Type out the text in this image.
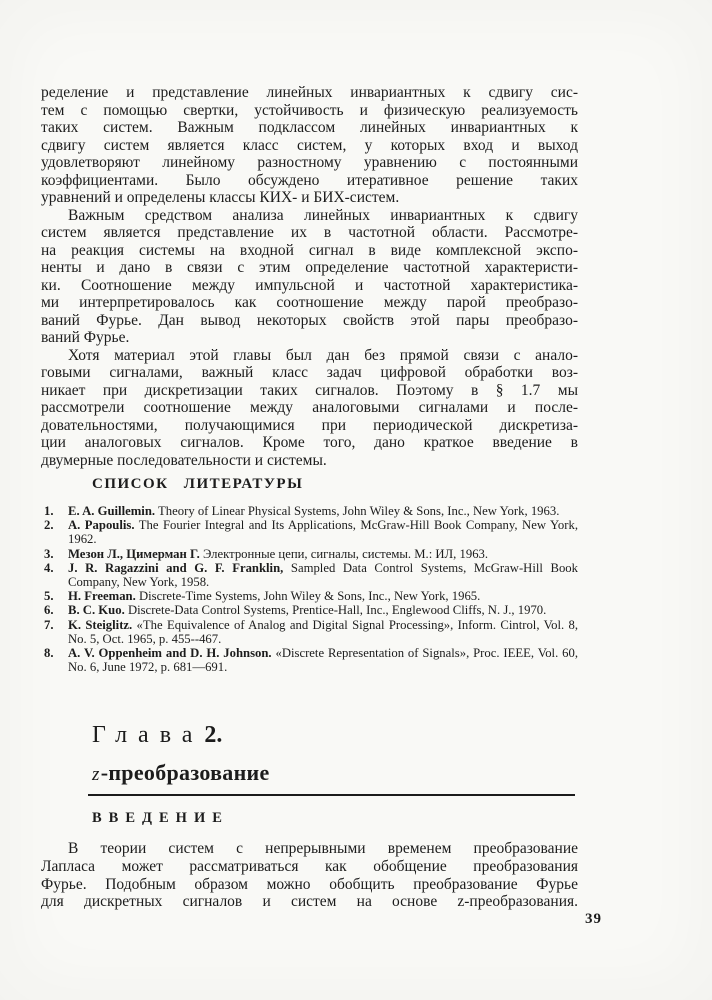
ределение и представление линейных инвариантных к сдвигу сис-
тем с помощью свертки, устойчивость и физическую реализуемость
таких систем. Важным подклассом линейных инвариантных к
сдвигу систем является класс систем, у которых вход и выход
удовлетворяют линейному разностному уравнению с постоянными
коэффициентами. Было обсуждено итеративное решение таких
уравнений и определены классы КИХ- и БИХ-систем.
Важным средством анализа линейных инвариантных к сдвигу
систем является представление их в частотной области. Рассмотре-
на реакция системы на входной сигнал в виде комплексной экспо-
ненты и дано в связи с этим определение частотной характеристи-
ки. Соотношение между импульсной и частотной характеристика-
ми интерпретировалось как соотношение между парой преобразо-
ваний Фурье. Дан вывод некоторых свойств этой пары преобразо-
ваний Фурье.
Хотя материал этой главы был дан без прямой связи с анало-
говыми сигналами, важный класс задач цифровой обработки воз-
никает при дискретизации таких сигналов. Поэтому в § 1.7 мы
рассмотрели соотношение между аналоговыми сигналами и после-
довательностями, получающимися при периодической дискретиза-
ции аналоговых сигналов. Кроме того, дано краткое введение в
двумерные последовательности и системы.
СПИСОК ЛИТЕРАТУРЫ
1. E. A. Guillemin. Theory of Linear Physical Systems, John Wiley & Sons, Inc., New York, 1963.
2. A. Papoulis. The Fourier Integral and Its Applications, McGraw-Hill Book Company, New York, 1962.
3. Мезон Л., Цимерман Г. Электронные цепи, сигналы, системы. М.: ИЛ, 1963.
4. J. R. Ragazzini and G. F. Franklin, Sampled Data Control Systems, McGraw-Hill Book Company, New York, 1958.
5. H. Freeman. Discrete-Time Systems, John Wiley & Sons, Inc., New York, 1965.
6. B. C. Kuo. Discrete-Data Control Systems, Prentice-Hall, Inc., Englewood Cliffs, N. J., 1970.
7. K. Steiglitz. «The Equivalence of Analog and Digital Signal Processing», Inform. Cintrol, Vol. 8, No. 5, Oct. 1965, p. 455--467.
8. A. V. Oppenheim and D. H. Johnson. «Discrete Representation of Signals», Proc. IEEE, Vol. 60, No. 6, June 1972, p. 681—691.
Глава2.
z-преобразование
ВВЕДЕНИЕ
В теории систем с непрерывными временем преобразование
Лапласа может рассматриваться как обобщение преобразования
Фурье. Подобным образом можно обобщить преобразование Фурье
для дискретных сигналов и систем на основе z-преобразования.
39
